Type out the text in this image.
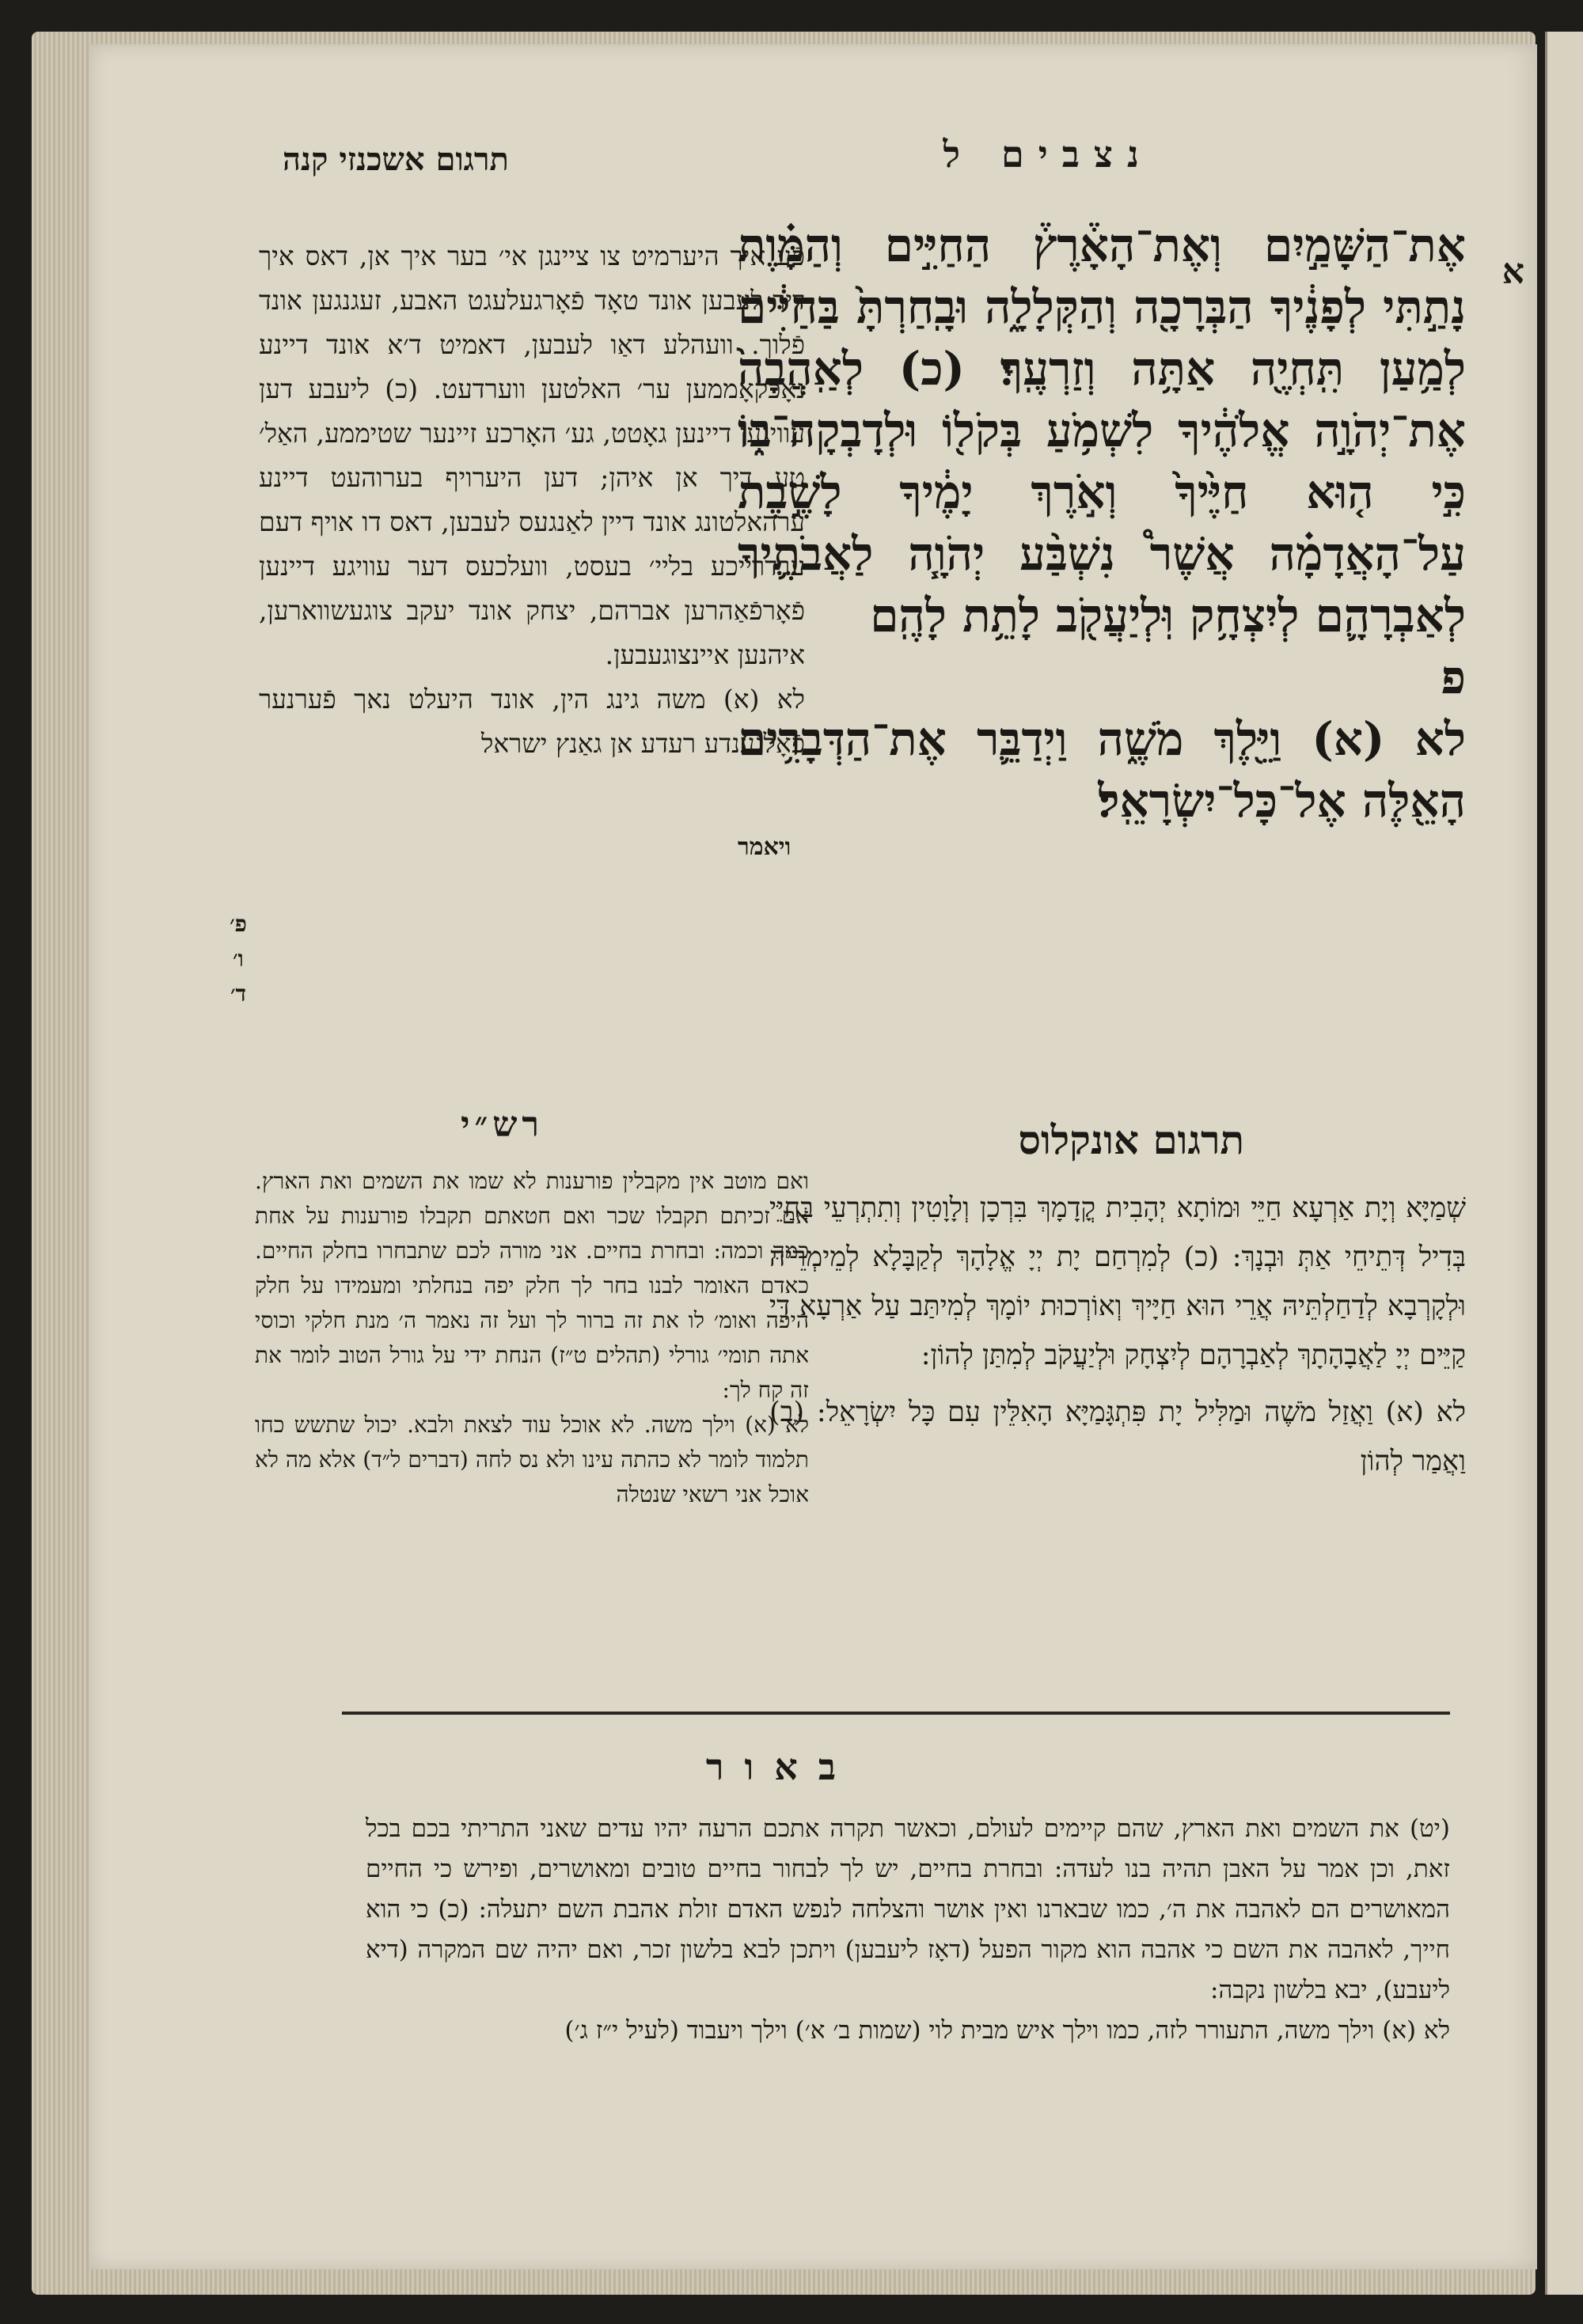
נצבים ל
תרגום אשכנזי קנה
א

אֶת־הַשָּׁמַ֣יִם וְאֶת־הָאָ֒רֶץ֒ הַחַיִּ֣ים וְהַמָּ֗וֶת נָתַ֣תִּי לְפָנֶ֔יךָ הַבְּרָכָ֖ה וְהַקְּלָלָ֑ה וּבָֽחַרְתָּ֙ בַּחַיִּ֔ים לְמַ֥עַן תִּֽחְיֶ֖ה אַתָּ֥ה וְזַרְעֶֽךָ׃ (כ) לְאַֽהֲבָה֙ אֶת־יְהֹוָ֣ה אֱלֹהֶ֔יךָ לִשְׁמֹ֥עַ בְּקֹל֖וֹ וּלְדָבְקָה־ב֑וֹ כִּ֣י ה֤וּא חַיֶּ֙יךָ֙ וְאֹ֣רֶךְ יָמֶ֔יךָ לָשֶׁ֣בֶת עַל־הָאֲדָמָ֗ה אֲשֶׁר֩ נִשְׁבַּ֨ע יְהֹוָ֧ה לַאֲבֹתֶ֛יךָ לְאַבְרָהָ֛ם לְיִצְחָ֥ק וּֽלְיַעֲקֹ֖ב לָתֵ֥ת לָהֶֽם

פ

לא (א) וַיֵּ֖לֶךְ מֹשֶׁ֑ה וַיְדַבֵּ֛ר אֶת־הַדְּבָרִ֥ים הָאֵ֖לֶּה אֶל־כָּל־יִשְׂרָאֵֽל׃

ויאמר

פֿע איך היערמיט צו ציינגן אי׳ בער איך אן, דאס איך דיר לעבען אונד טאָד פֿאָרגעלעגט האבע, זעגנגען אונד פֿלוך. וועהלע דאַו לעבען, דאמיט ד׳א אונד דיינע נאָכקאָממען ער׳ האלטען ווערדעט. (כ) ליעבע דען עוויגען דיינען גאָטט, גע׳ האָרכע זיינער שטיממע, האַל׳ טע דיך אן איהן; דען היערויף בערוהעט דיינע ערהאלטונג אונד דיין לאַנגעס לעבען, דאס דו אויף דעם ערדרייכע בליי׳ בעסט, וועלכעס דער עוויגע דיינען פֿאָרפֿאַהרען אברהם, יצחק אונד יעקב צוגעשווארען, איהנען איינצוגעבען.

לא (א) משה גינג הין, אונד היעלט נאך פֿערנער פֿאָלגענדע רעדע אן גאַנץ ישראל

פ׳ ו׳ ד׳
רש״י

ואם מוטב אין מקבלין פורענות לא שמו את השמים ואת הארץ. אם זכיתם תקבלו שכר ואם חטאתם תקבלו פורענות על אחת כמה וכמה: ובחרת בחיים. אני מורה לכם שתבחרו בחלק החיים. כאדם האומר לבנו בחר לך חלק יפה בנחלתי ומעמידו על חלק היפה ואומ׳ לו את זה ברור לך ועל זה נאמר ה׳ מנת חלקי וכוסי אתה תומי׳ גורלי (תהלים ט״ז) הנחת ידי על גורל הטוב לומר את זה קח לך:

לא (א) וילך משה. לא אוכל עוד לצאת ולבא. יכול שתשש כחו תלמוד לומר לא כהתה עינו ולא נס לחה (דברים ל״ד) אלא מה לא אוכל אני רשאי שנטלה

תרגום אונקלוס

שְׁמַיָּא וְיָת אַרְעָא חַיֵּי וּמוֹתָא יְהָבִית קֳדָמָךְ בִּרְכָן וְלָוָטִין וְתִתְרְעֵי בְּחַיֵּי בְּדִיל דְּתֵיחֵי אַתְּ וּבְנָךְ: (כ) לְמִרְחַם יָת יְיָ אֱלָהָךְ לְקַבָּלָא לְמֵימְרֵיהּ וּלְקָרְבָא לְדַחַלְתֵּיהּ אֲרֵי הוּא חַיָּיךְ וְאוֹרְכוּת יוֹמָךְ לְמִיתַּב עַל אַרְעָא דִּי קַיֵּים יְיָ לַאֲבָהָתָךְ לְאַבְרָהָם לְיִצְחָק וּלְיַעֲקֹב לְמִתַּן לְהוֹן:

לא (א) וַאֲזַל מֹשֶׁה וּמַלִּיל יָת פִּתְגָּמַיָּא הָאִלֵּין עִם כָּל יִשְׂרָאֵל: (ב) וַאֲמַר לְהוֹן

באור

(יט) את השמים ואת הארץ, שהם קיימים לעולם, וכאשר תקרה אתכם הרעה יהיו עדים שאני התריתי בכם בכל זאת, וכן אמר על האבן תהיה בנו לעדה: ובחרת בחיים, יש לך לבחור בחיים טובים ומאושרים, ופירש כי החיים המאושרים הם לאהבה את ה׳, כמו שבארנו ואין אושר והצלחה לנפש האדם זולת אהבת השם יתעלה: (כ) כי הוא חייך, לאהבה את השם כי אהבה הוא מקור הפעל (דאָז ליעבען) ויתכן לבא בלשון זכר, ואם יהיה שם המקרה (דיא ליעבע), יבא בלשון נקבה:

לא (א) וילך משה, התעורר לזה, כמו וילך איש מבית לוי (שמות ב׳ א׳) וילך ויעבוד (לעיל י״ז ג׳)
